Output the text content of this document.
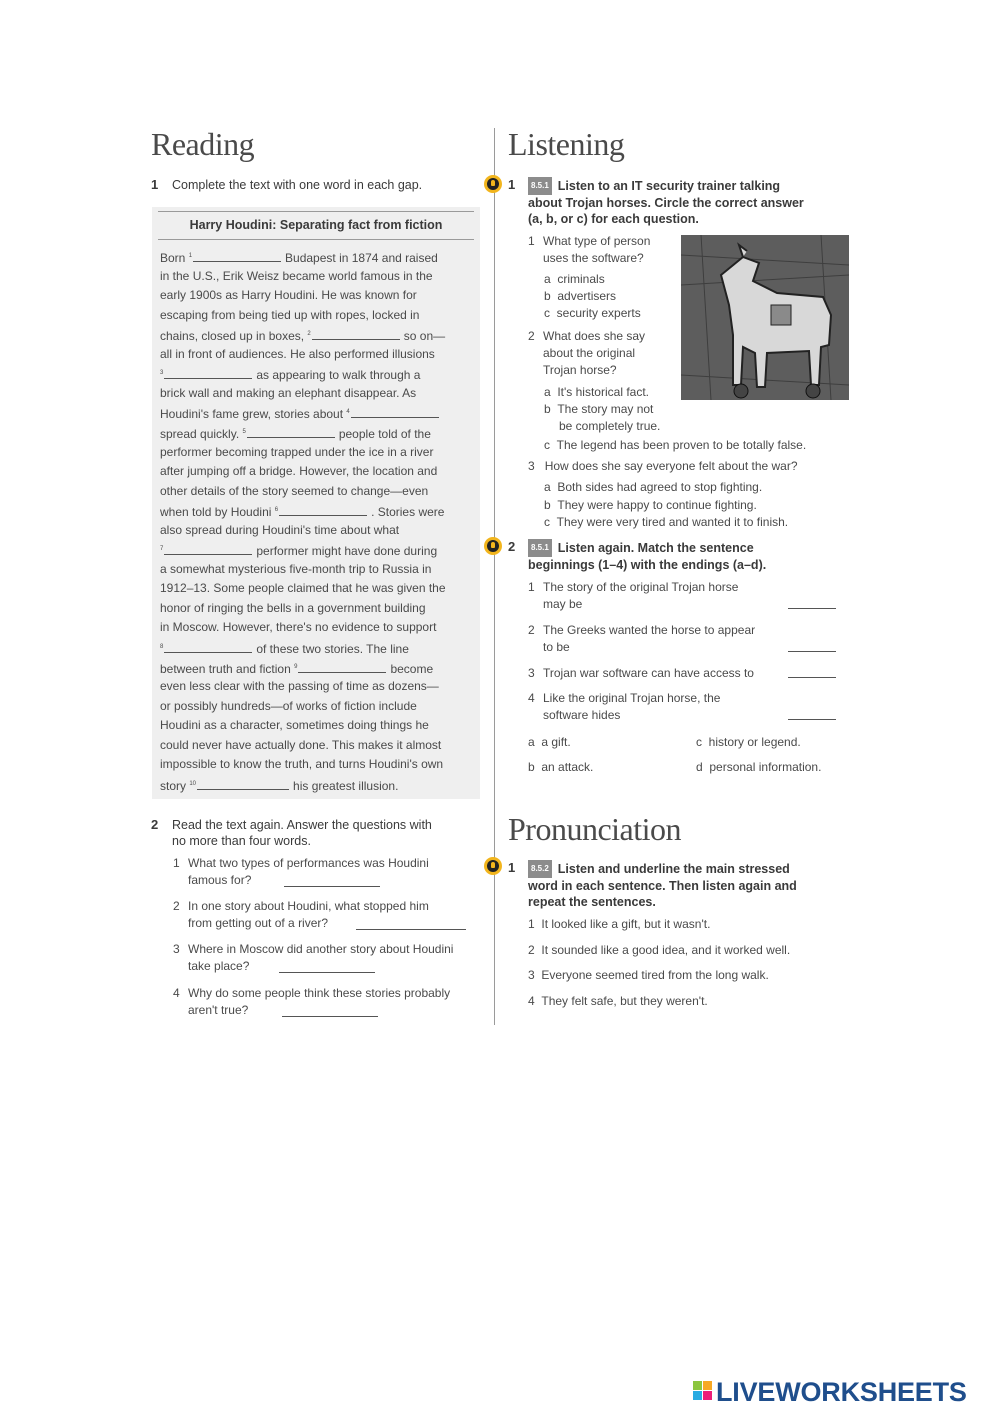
Reading
1 Complete the text with one word in each gap.
Harry Houdini: Separating fact from fiction
Born $^1$	Budapest in 1874 and raised
in the U.S., Erik Weisz became world famous in the
early 1900s as Harry Houdini. He was known for
escaping from being tied up with ropes, locked in
chains, closed up in boxes, $^2$	so on—
all in front of audiences. He also performed illusions
$^3$	as appearing to walk through a
brick wall and making an elephant disappear. As
Houdini's fame grew, stories about $^4$
spread quickly. $^5$	people told of the
performer becoming trapped under the ice in a river
after jumping off a bridge. However, the location and
other details of the story seemed to change—even
when told by Houdini $^6$	. Stories were
also spread during Houdini's time about what
$^7$	performer might have done during
a somewhat mysterious five-month trip to Russia in
1912–13. Some people claimed that he was given the
honor of ringing the bells in a government building
in Moscow. However, there's no evidence to support
$^8$	of these two stories. The line
between truth and fiction $^9$	become
even less clear with the passing of time as dozens—
or possibly hundreds—of works of fiction include
Houdini as a character, sometimes doing things he
could never have actually done. This makes it almost
impossible to know the truth, and turns Houdini's own
story $^{10}$	his greatest illusion.
2 Read the text again. Answer the questions with
no more than four words.
1 What two types of performances was Houdini
famous for?
2 In one story about Houdini, what stopped him
from getting out of a river?
3 Where in Moscow did another story about Houdini
take place?
4 Why do some people think these stories probably
aren't true?
Listening
1	8.5.1 Listen to an IT security trainer talking
about Trojan horses. Circle the correct answer
(a, b, or c) for each question.
1 What type of person
uses the software?
a criminals
b advertisers
c security experts
2 What does she say
about the original
Trojan horse?
a  It's historical fact.
b  The story may not
be completely true.
c  The legend has been proven to be totally false.
3 How does she say everyone felt about the war?
a Both sides had agreed to stop fighting.
b They were happy to continue fighting.
c They were very tired and wanted it to finish.
2	8.5.1 Listen again. Match the sentence
beginnings (1–4) with the endings (a–d).
1 The story of the original Trojan horse
may be
2 The Greeks wanted the horse to appear
to be
3 Trojan war software can have access to
4 Like the original Trojan horse, the
software hides
a a gift.	c history or legend.
b an attack.	d personal information.
Pronunciation
1	8.5.2 Listen and underline the main stressed
word in each sentence. Then listen again and
repeat the sentences.
1 It looked like a gift, but it wasn't.
2 It sounded like a good idea, and it worked well.
3 Everyone seemed tired from the long walk.
4 They felt safe, but they weren't.
LIVEWORKSHEETS
